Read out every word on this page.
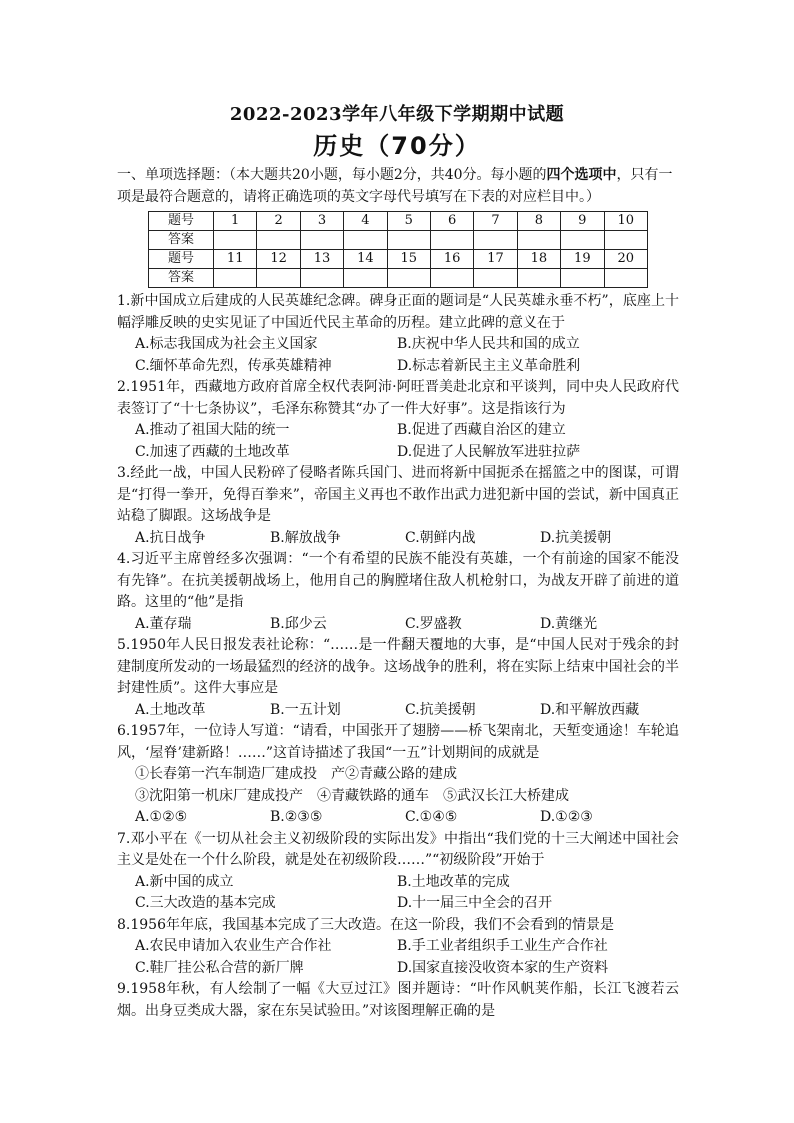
2022-2023学年八年级下学期期中试题
历史（70分）

一、单项选择题：（本大题共20小题，每小题2分，共40分。每小题的四个选项中，只有一项是最符合题意的，请将正确选项的英文字母代号填写在下表的对应栏目中。）

题号	1	2	3	4	5	6	7	8	9	10
答案										
题号	11	12	13	14	15	16	17	18	19	20
答案										

1.新中国成立后建成的人民英雄纪念碑。碑身正面的题词是“人民英雄永垂不朽”，底座上十幅浮雕反映的史实见证了中国近代民主革命的历程。建立此碑的意义在于

A.标志我国成为社会主义国家	B.庆祝中华人民共和国的成立
C.缅怀革命先烈，传承英雄精神	D.标志着新民主主义革命胜利

2.1951年，西藏地方政府首席全权代表阿沛·阿旺晋美赴北京和平谈判，同中央人民政府代表签订了“十七条协议”，毛泽东称赞其“办了一件大好事”。这是指该行为

A.推动了祖国大陆的统一	B.促进了西藏自治区的建立
C.加速了西藏的土地改革	D.促进了人民解放军进驻拉萨

3.经此一战，中国人民粉碎了侵略者陈兵国门、进而将新中国扼杀在摇篮之中的图谋，可谓是“打得一拳开，免得百拳来”，帝国主义再也不敢作出武力进犯新中国的尝试，新中国真正站稳了脚跟。这场战争是

A.抗日战争	B.解放战争	C.朝鲜内战	D.抗美援朝

4.习近平主席曾经多次强调：“一个有希望的民族不能没有英雄，一个有前途的国家不能没有先锋”。在抗美援朝战场上，他用自己的胸膛堵住敌人机枪射口，为战友开辟了前进的道路。这里的“他”是指

A.董存瑞	B.邱少云	C.罗盛教	D.黄继光

5.1950年人民日报发表社论称：“……是一件翻天覆地的大事，是“中国人民对于残余的封建制度所发动的一场最猛烈的经济的战争。这场战争的胜利，将在实际上结束中国社会的半封建性质”。这件大事应是

A.土地改革	B.一五计划	C.抗美援朝	D.和平解放西藏

6.1957年，一位诗人写道：“请看，中国张开了翅膀——桥飞架南北，天堑变通途！车轮追风，‘屋脊’建新路！……”这首诗描述了我国“一五”计划期间的成就是

①长春第一汽车制造厂建成投　产②青藏公路的建成

③沈阳第一机床厂建成投产　④青藏铁路的通车　⑤武汉长江大桥建成

A.①②⑤	B.②③⑤	C.①④⑤	D.①②③

7.邓小平在《一切从社会主义初级阶段的实际出发》中指出“我们党的十三大阐述中国社会主义是处在一个什么阶段，就是处在初级阶段……”“初级阶段”开始于

A.新中国的成立	B.土地改革的完成
C.三大改造的基本完成	D.十一届三中全会的召开

8.1956年年底，我国基本完成了三大改造。在这一阶段，我们不会看到的情景是

A.农民申请加入农业生产合作社	B.手工业者组织手工业生产合作社
C.鞋厂挂公私合营的新厂牌	D.国家直接没收资本家的生产资料

9.1958年秋，有人绘制了一幅《大豆过江》图并题诗：“叶作风帆荚作船，长江飞渡若云烟。出身豆类成大器，家在东吴试验田。”对该图理解正确的是
